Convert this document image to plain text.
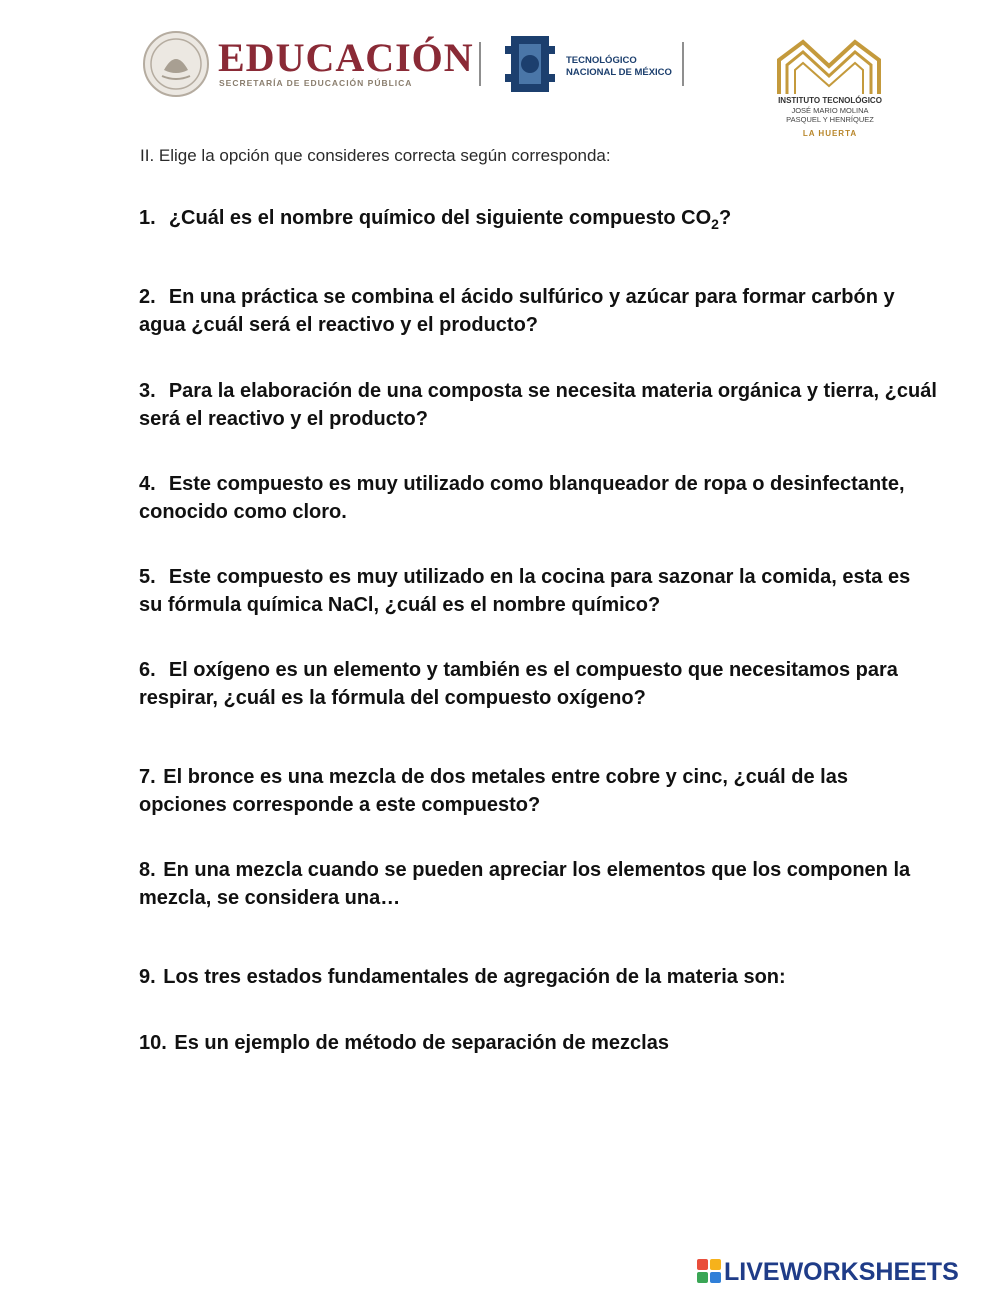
EDUCACIÓN
SECRETARÍA DE EDUCACIÓN PÚBLICA
TECNOLÓGICO
NACIONAL DE MÉXICO
INSTITUTO TECNOLÓGICO
JOSÉ MARIO MOLINA
PASQUEL Y HENRÍQUEZ
LA HUERTA
II. Elige la opción que consideres correcta según corresponda:
1. ¿Cuál es el nombre químico del siguiente compuesto $CO_2$?
2. En una práctica se combina el ácido sulfúrico y azúcar para formar carbón y agua ¿cuál será el reactivo y el producto?
3. Para la elaboración de una composta se necesita materia orgánica y tierra, ¿cuál será el reactivo y el producto?
4. Este compuesto es muy utilizado como blanqueador de ropa o desinfectante, conocido como cloro.
5. Este compuesto es muy utilizado en la cocina para sazonar la comida, esta es su fórmula química NaCl, ¿cuál es el nombre químico?
6. El oxígeno es un elemento y también es el compuesto que necesitamos para respirar, ¿cuál es la fórmula del compuesto oxígeno?
7. El bronce es una mezcla de dos metales entre cobre y cinc, ¿cuál de las opciones corresponde a este compuesto?
8. En una mezcla cuando se pueden apreciar los elementos que los componen la mezcla, se considera una…
9. Los tres estados fundamentales de agregación de la materia son:
10. Es un ejemplo de método de separación de mezclas
LIVEWORKSHEETS
